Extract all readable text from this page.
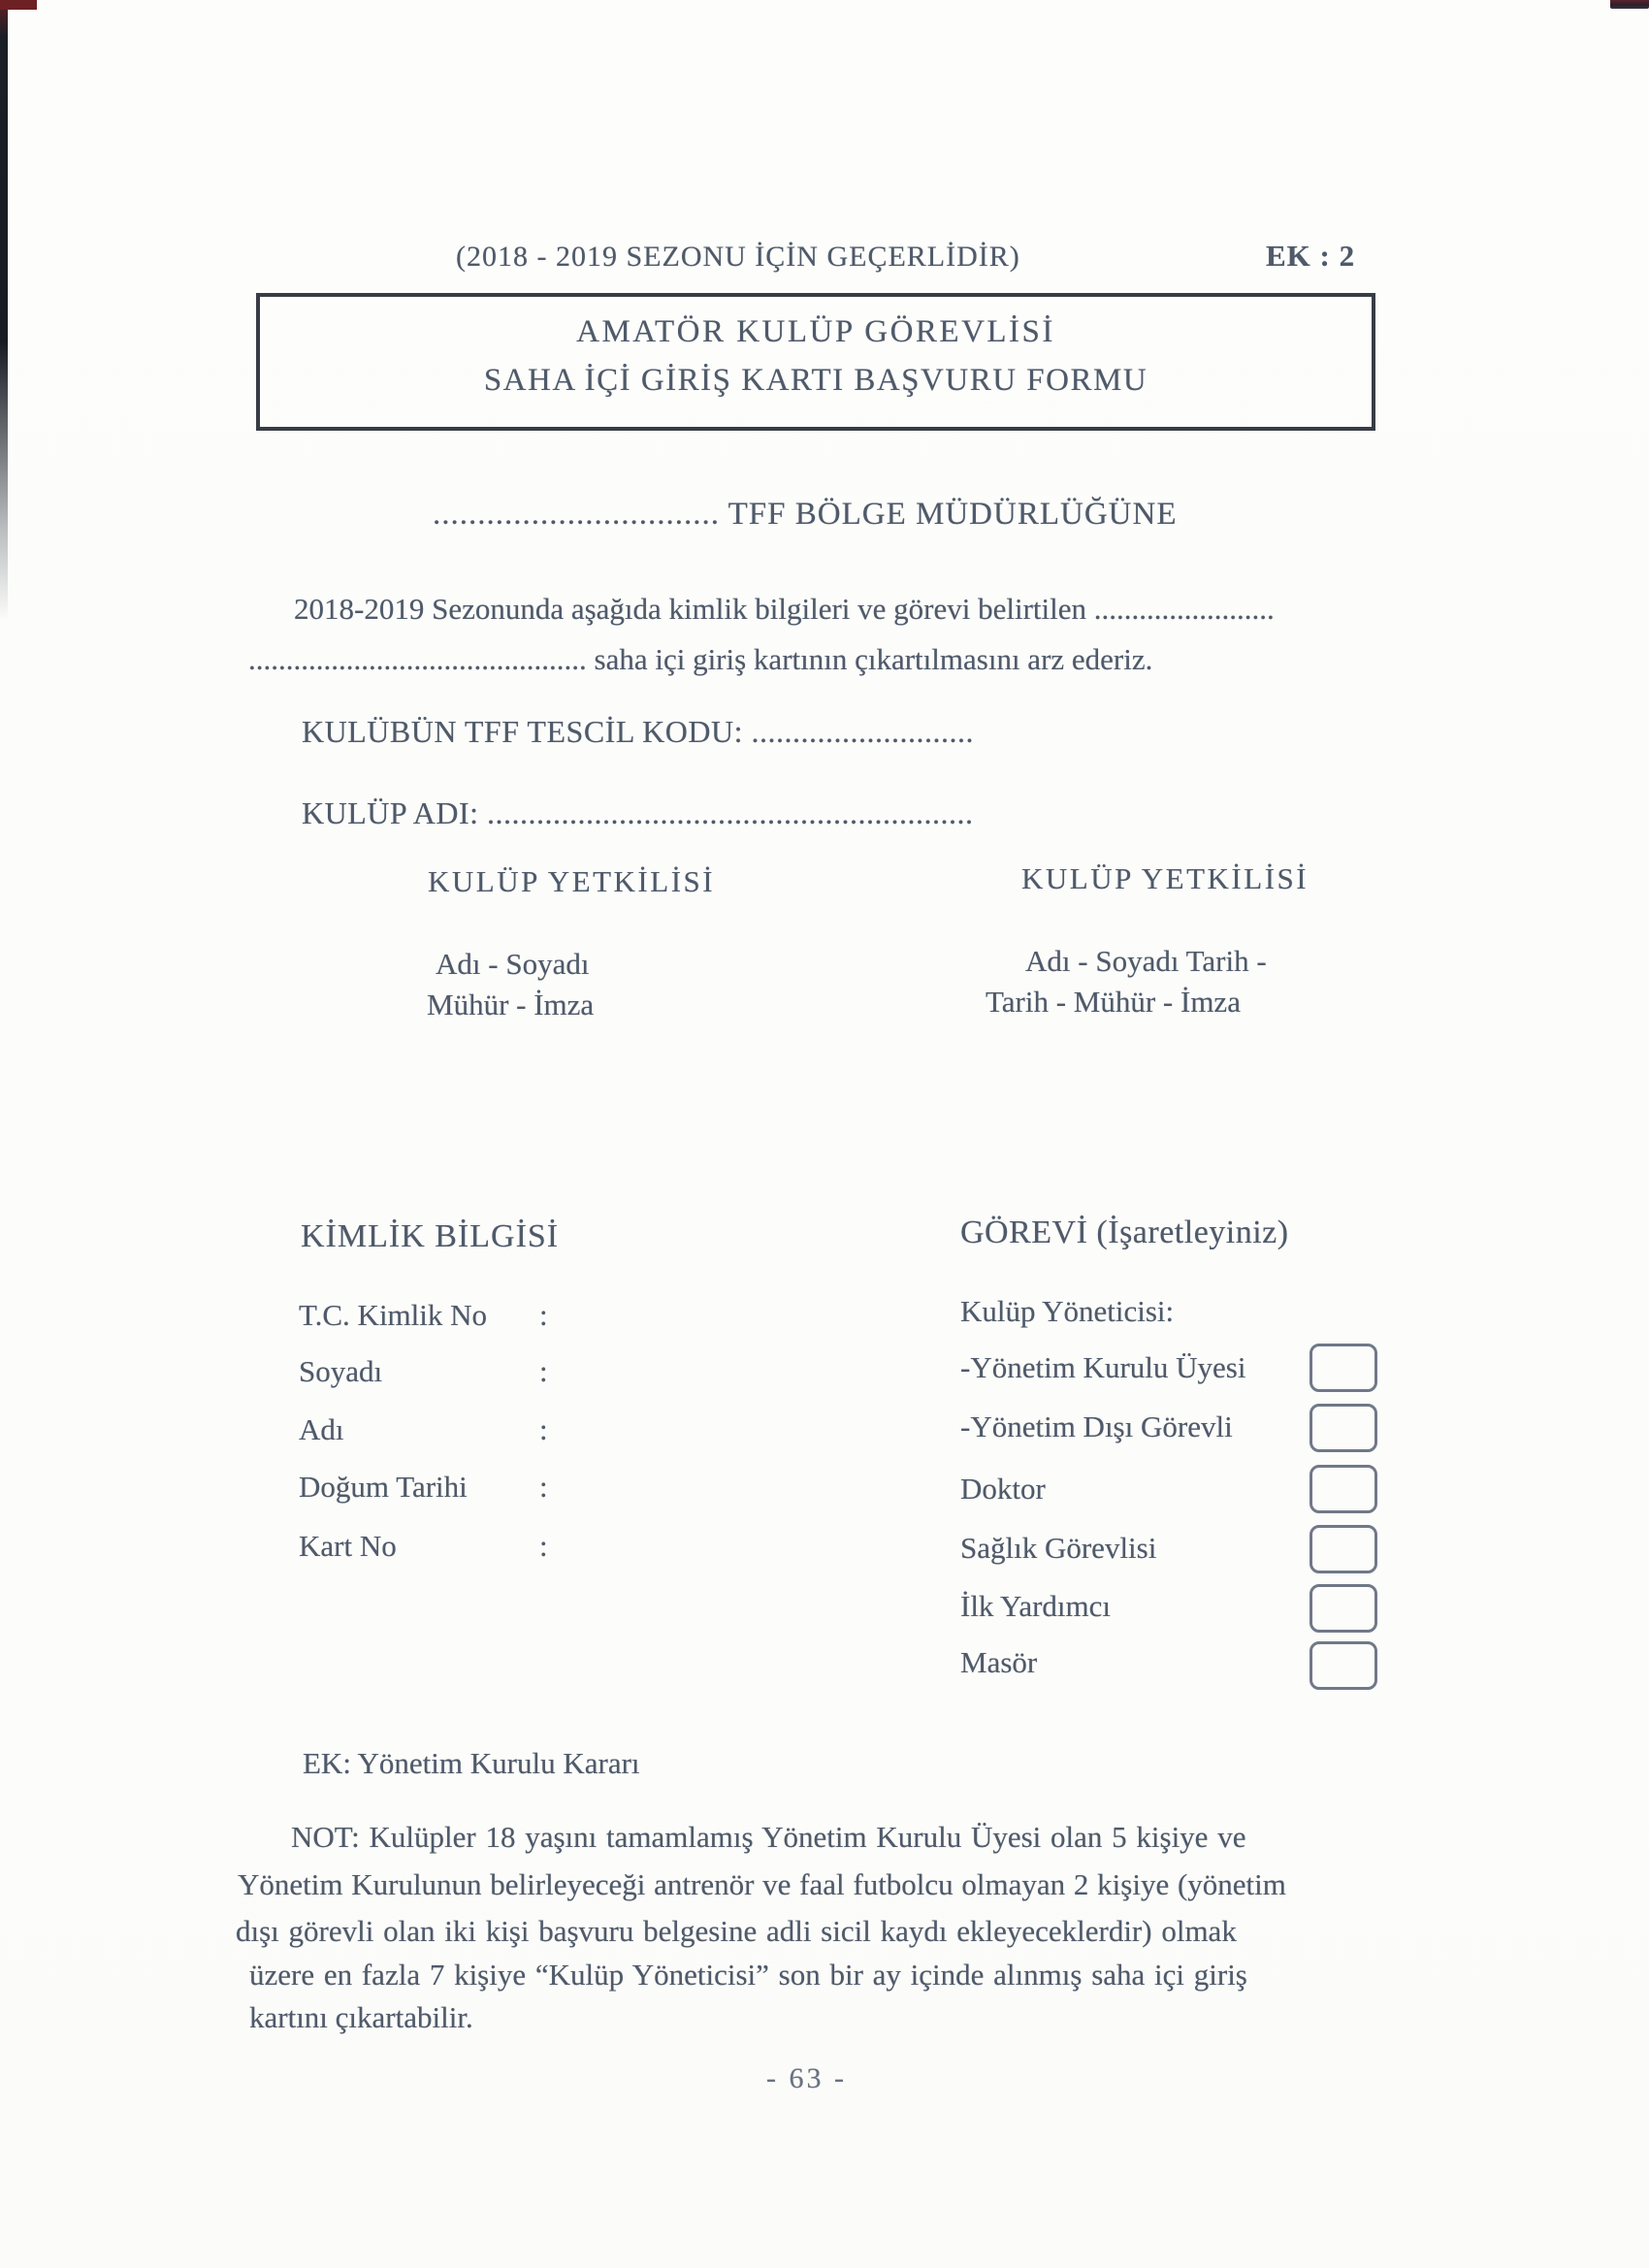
(2018 - 2019 SEZONU İÇİN GEÇERLİDİR)	EK : 2
AMATÖR KULÜP GÖREVLİSİ
SAHA İÇİ GİRİŞ KARTI BAŞVURU FORMU
................................ TFF BÖLGE MÜDÜRLÜĞÜNE
2018-2019 Sezonunda aşağıda kimlik bilgileri ve görevi belirtilen ........................
............................................. saha içi giriş kartının çıkartılmasını arz ederiz.
KULÜBÜN TFF TESCİL KODU: ...........................
KULÜP ADI: ...........................................................
KULÜP YETKİLİSİ	KULÜP YETKİLİSİ
Adı - Soyadı
Mühür - İmza
Adı - Soyadı Tarih -
Tarih - Mühür - İmza
KİMLİK BİLGİSİ
T.C. Kimlik No :
Soyadı	:
Adı	:
Doğum Tarihi :
Kart No	:
GÖREVİ (İşaretleyiniz)
Kulüp Yöneticisi:
-Yönetim Kurulu Üyesi
-Yönetim Dışı Görevli
Doktor
Sağlık Görevlisi
İlk Yardımcı
Masör
EK: Yönetim Kurulu Kararı
NOT: Kulüpler 18 yaşını tamamlamış Yönetim Kurulu Üyesi olan 5 kişiye ve
Yönetim Kurulunun belirleyeceği antrenör ve faal futbolcu olmayan 2 kişiye (yönetim
dışı görevli olan iki kişi başvuru belgesine adli sicil kaydı ekleyeceklerdir) olmak
üzere en fazla 7 kişiye “Kulüp Yöneticisi” son bir ay içinde alınmış saha içi giriş
kartını çıkartabilir.
- 63 -
